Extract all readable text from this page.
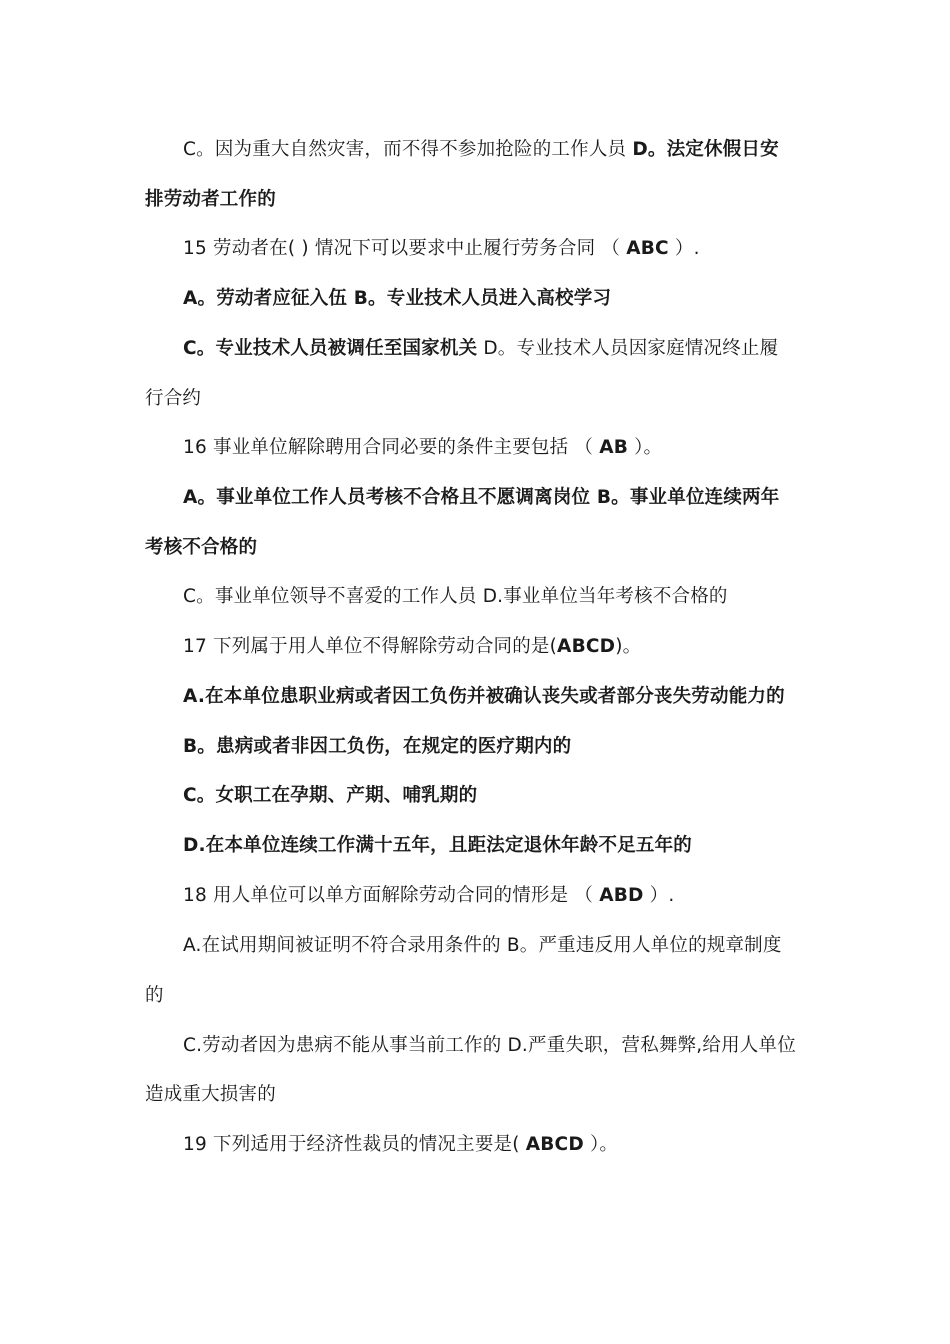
C。因为重大自然灾害，而不得不参加抢险的工作人员 D。法定休假日安
排劳动者工作的
15 劳动者在( ) 情况下可以要求中止履行劳务合同 （ ABC ）.
A。劳动者应征入伍 B。专业技术人员进入高校学习
C。专业技术人员被调任至国家机关 D。专业技术人员因家庭情况终止履
行合约
16 事业单位解除聘用合同必要的条件主要包括 （ AB ）。
A。事业单位工作人员考核不合格且不愿调离岗位 B。事业单位连续两年
考核不合格的
C。事业单位领导不喜爱的工作人员 D.事业单位当年考核不合格的
17 下列属于用人单位不得解除劳动合同的是(ABCD)。
A.在本单位患职业病或者因工负伤并被确认丧失或者部分丧失劳动能力的
B。患病或者非因工负伤，在规定的医疗期内的
C。女职工在孕期、产期、哺乳期的
D.在本单位连续工作满十五年，且距法定退休年龄不足五年的
18 用人单位可以单方面解除劳动合同的情形是 （ ABD ）.
A.在试用期间被证明不符合录用条件的 B。严重违反用人单位的规章制度
的
C.劳动者因为患病不能从事当前工作的 D.严重失职，营私舞弊,给用人单位
造成重大损害的
19 下列适用于经济性裁员的情况主要是( ABCD ）。
